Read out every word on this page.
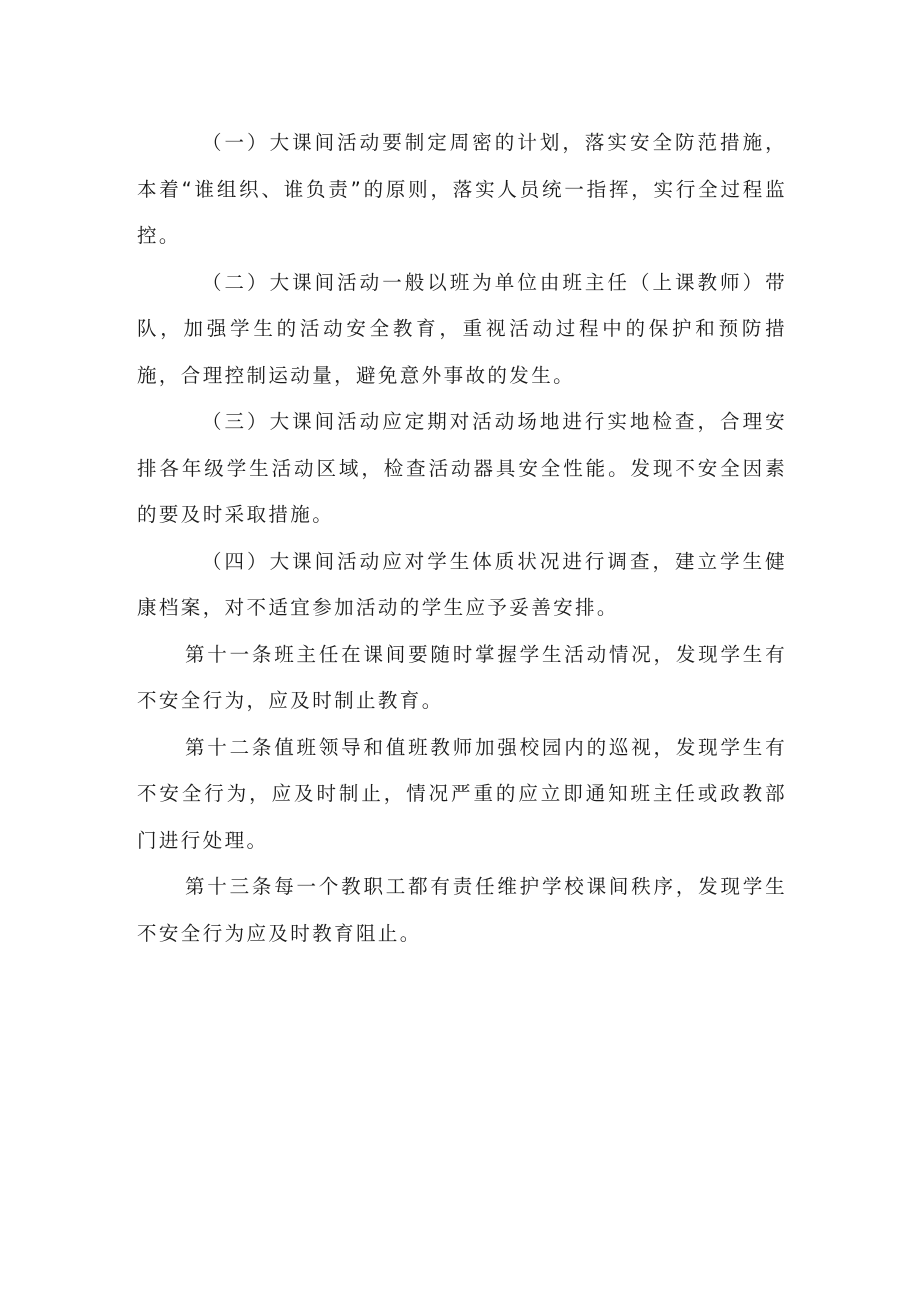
（一）大课间活动要制定周密的计划，落实安全防范措施，本着“谁组织、谁负责”的原则，落实人员统一指挥，实行全过程监控。

（二）大课间活动一般以班为单位由班主任（上课教师）带队，加强学生的活动安全教育，重视活动过程中的保护和预防措施，合理控制运动量，避免意外事故的发生。

（三）大课间活动应定期对活动场地进行实地检查，合理安排各年级学生活动区域，检查活动器具安全性能。发现不安全因素的要及时采取措施。

（四）大课间活动应对学生体质状况进行调查，建立学生健康档案，对不适宜参加活动的学生应予妥善安排。

第十一条班主任在课间要随时掌握学生活动情况，发现学生有不安全行为，应及时制止教育。

第十二条值班领导和值班教师加强校园内的巡视，发现学生有不安全行为，应及时制止，情况严重的应立即通知班主任或政教部门进行处理。

第十三条每一个教职工都有责任维护学校课间秩序，发现学生不安全行为应及时教育阻止。
